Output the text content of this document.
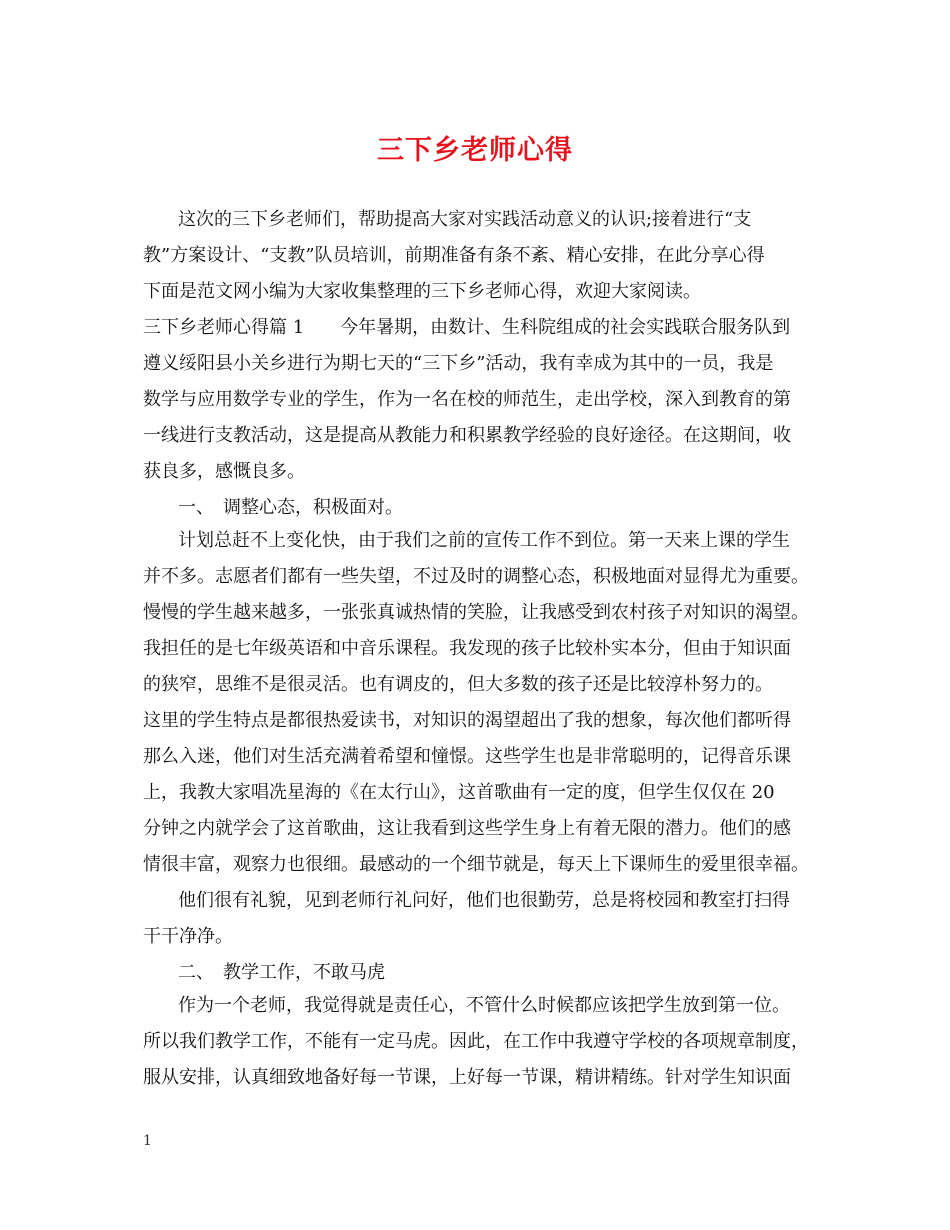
三下乡老师心得
这次的三下乡老师们，帮助提高大家对实践活动意义的认识;接着进行“支
教”方案设计、“支教”队员培训，前期准备有条不紊、精心安排，在此分享心得
下面是范文网小编为大家收集整理的三下乡老师心得，欢迎大家阅读。
三下乡老师心得篇 1　　今年暑期，由数计、生科院组成的社会实践联合服务队到
遵义绥阳县小关乡进行为期七天的“三下乡”活动，我有幸成为其中的一员，我是
数学与应用数学专业的学生，作为一名在校的师范生，走出学校，深入到教育的第
一线进行支教活动，这是提高从教能力和积累教学经验的良好途径。在这期间，收
获良多，感慨良多。
一、　调整心态，积极面对。
计划总赶不上变化快，由于我们之前的宣传工作不到位。第一天来上课的学生
并不多。志愿者们都有一些失望，不过及时的调整心态，积极地面对显得尤为重要。
慢慢的学生越来越多，一张张真诚热情的笑脸，让我感受到农村孩子对知识的渴望。
我担任的是七年级英语和中音乐课程。我发现的孩子比较朴实本分，但由于知识面
的狭窄，思维不是很灵活。也有调皮的，但大多数的孩子还是比较淳朴努力的。
这里的学生特点是都很热爱读书，对知识的渴望超出了我的想象，每次他们都听得
那么入迷，他们对生活充满着希望和憧憬。这些学生也是非常聪明的，记得音乐课
上，我教大家唱冼星海的《在太行山》，这首歌曲有一定的度，但学生仅仅在 20
分钟之内就学会了这首歌曲，这让我看到这些学生身上有着无限的潜力。他们的感
情很丰富，观察力也很细。最感动的一个细节就是，每天上下课师生的爱里很幸福。
他们很有礼貌，见到老师行礼问好，他们也很勤劳，总是将校园和教室打扫得
干干净净。
二、　教学工作，不敢马虎
作为一个老师，我觉得就是责任心，不管什么时候都应该把学生放到第一位。
所以我们教学工作，不能有一定马虎。因此，在工作中我遵守学校的各项规章制度，
服从安排，认真细致地备好每一节课，上好每一节课，精讲精练。针对学生知识面
1
